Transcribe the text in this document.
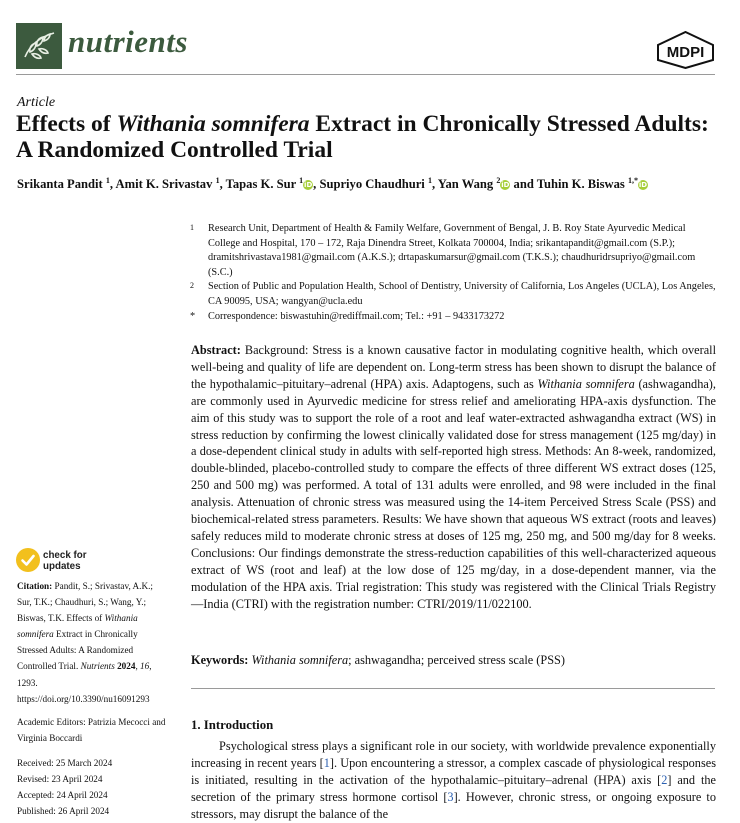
nutrients	MDPI
Article
Effects of Withania somnifera Extract in Chronically Stressed Adults: A Randomized Controlled Trial
Srikanta Pandit $^1$, Amit K. Srivastav $^1$, Tapas K. Sur $^1$iD, Supriyo Chaudhuri $^1$, Yan Wang $^2$iD and Tuhin K. Biswas $^{1,*}$iD
1	Research Unit, Department of Health & Family Welfare, Government of Bengal, J. B. Roy State Ayurvedic Medical College and Hospital, 170 – 172, Raja Dinendra Street, Kolkata 700004, India; srikantapandit@gmail.com (S.P.); dramitshrivastava1981@gmail.com (A.K.S.); drtapaskumarsur@gmail.com (T.K.S.); chaudhuridrsupriyo@gmail.com (S.C.)
2	Section of Public and Population Health, School of Dentistry, University of California, Los Angeles (UCLA), Los Angeles, CA 90095, USA; wangyan@ucla.edu
*	Correspondence: biswastuhin@rediffmail.com; Tel.: +91 – 9433173272
Abstract: Background: Stress is a known causative factor in modulating cognitive health, which overall well-being and quality of life are dependent on. Long-term stress has been shown to disrupt the balance of the hypothalamic–pituitary–adrenal (HPA) axis. Adaptogens, such as Withania somnifera (ashwagandha), are commonly used in Ayurvedic medicine for stress relief and ameliorating HPA-axis dysfunction. The aim of this study was to support the role of a root and leaf water-extracted ashwagandha extract (WS) in stress reduction by confirming the lowest clinically validated dose for stress management (125 mg/day) in a dose-dependent clinical study in adults with self-reported high stress. Methods: An 8-week, randomized, double-blinded, placebo-controlled study to compare the effects of three different WS extract doses (125, 250 and 500 mg) was performed. A total of 131 adults were enrolled, and 98 were included in the final analysis. Attenuation of chronic stress was measured using the 14-item Perceived Stress Scale (PSS) and biochemical-related stress parameters. Results: We have shown that aqueous WS extract (roots and leaves) safely reduces mild to moderate chronic stress at doses of 125 mg, 250 mg, and 500 mg/day for 8 weeks. Conclusions: Our findings demonstrate the stress-reduction capabilities of this well-characterized aqueous extract of WS (root and leaf) at the low dose of 125 mg/day, in a dose-dependent manner, via the modulation of the HPA axis. Trial registration: This study was registered with the Clinical Trials Registry—India (CTRI) with the registration number: CTRI/2019/11/022100.
Keywords: Withania somnifera; ashwagandha; perceived stress scale (PSS)
1. Introduction
Psychological stress plays a significant role in our society, with worldwide prevalence exponentially increasing in recent years [1]. Upon encountering a stressor, a complex cascade of physiological responses is initiated, resulting in the activation of the hypothalamic–pituitary–adrenal (HPA) axis [2] and the secretion of the primary stress hormone cortisol [3]. However, chronic stress, or ongoing exposure to stressors, may disrupt the balance of the
check for
updates
Citation: Pandit, S.; Srivastav, A.K.; Sur, T.K.; Chaudhuri, S.; Wang, Y.; Biswas, T.K. Effects of Withania somnifera Extract in Chronically Stressed Adults: A Randomized Controlled Trial. Nutrients 2024, 16, 1293. https://doi.org/10.3390/nu16091293
Academic Editors: Patrizia Mecocci and Virginia Boccardi
Received: 25 March 2024
Revised: 23 April 2024
Accepted: 24 April 2024
Published: 26 April 2024
